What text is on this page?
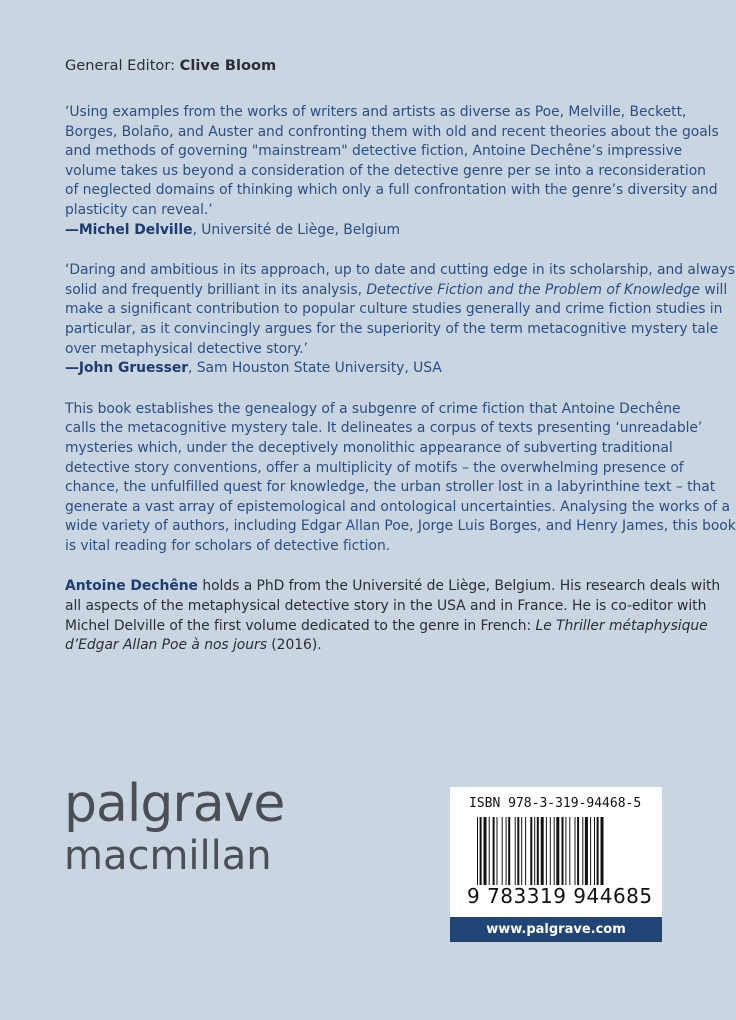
General Editor: Clive Bloom
‘Using examples from the works of writers and artists as diverse as Poe, Melville, Beckett,
Borges, Bolaño, and Auster and confronting them with old and recent theories about the goals
and methods of governing "mainstream" detective fiction, Antoine Dechêne’s impressive
volume takes us beyond a consideration of the detective genre per se into a reconsideration
of neglected domains of thinking which only a full confrontation with the genre’s diversity and
plasticity can reveal.’
—Michel Delville, Université de Liège, Belgium
‘Daring and ambitious in its approach, up to date and cutting edge in its scholarship, and always
solid and frequently brilliant in its analysis, Detective Fiction and the Problem of Knowledge will
make a significant contribution to popular culture studies generally and crime fiction studies in
particular, as it convincingly argues for the superiority of the term metacognitive mystery tale
over metaphysical detective story.’
—John Gruesser, Sam Houston State University, USA
This book establishes the genealogy of a subgenre of crime fiction that Antoine Dechêne
calls the metacognitive mystery tale. It delineates a corpus of texts presenting ‘unreadable’
mysteries which, under the deceptively monolithic appearance of subverting traditional
detective story conventions, offer a multiplicity of motifs – the overwhelming presence of
chance, the unfulfilled quest for knowledge, the urban stroller lost in a labyrinthine text – that
generate a vast array of epistemological and ontological uncertainties. Analysing the works of a
wide variety of authors, including Edgar Allan Poe, Jorge Luis Borges, and Henry James, this book
is vital reading for scholars of detective fiction.
Antoine Dechêne holds a PhD from the Université de Liège, Belgium. His research deals with
all aspects of the metaphysical detective story in the USA and in France. He is co-editor with
Michel Delville of the first volume dedicated to the genre in French: Le Thriller métaphysique
d’Edgar Allan Poe à nos jours (2016).
palgrave
macmillan
ISBN 978-3-319-94468-5
9 783319 944685
www.palgrave.com
